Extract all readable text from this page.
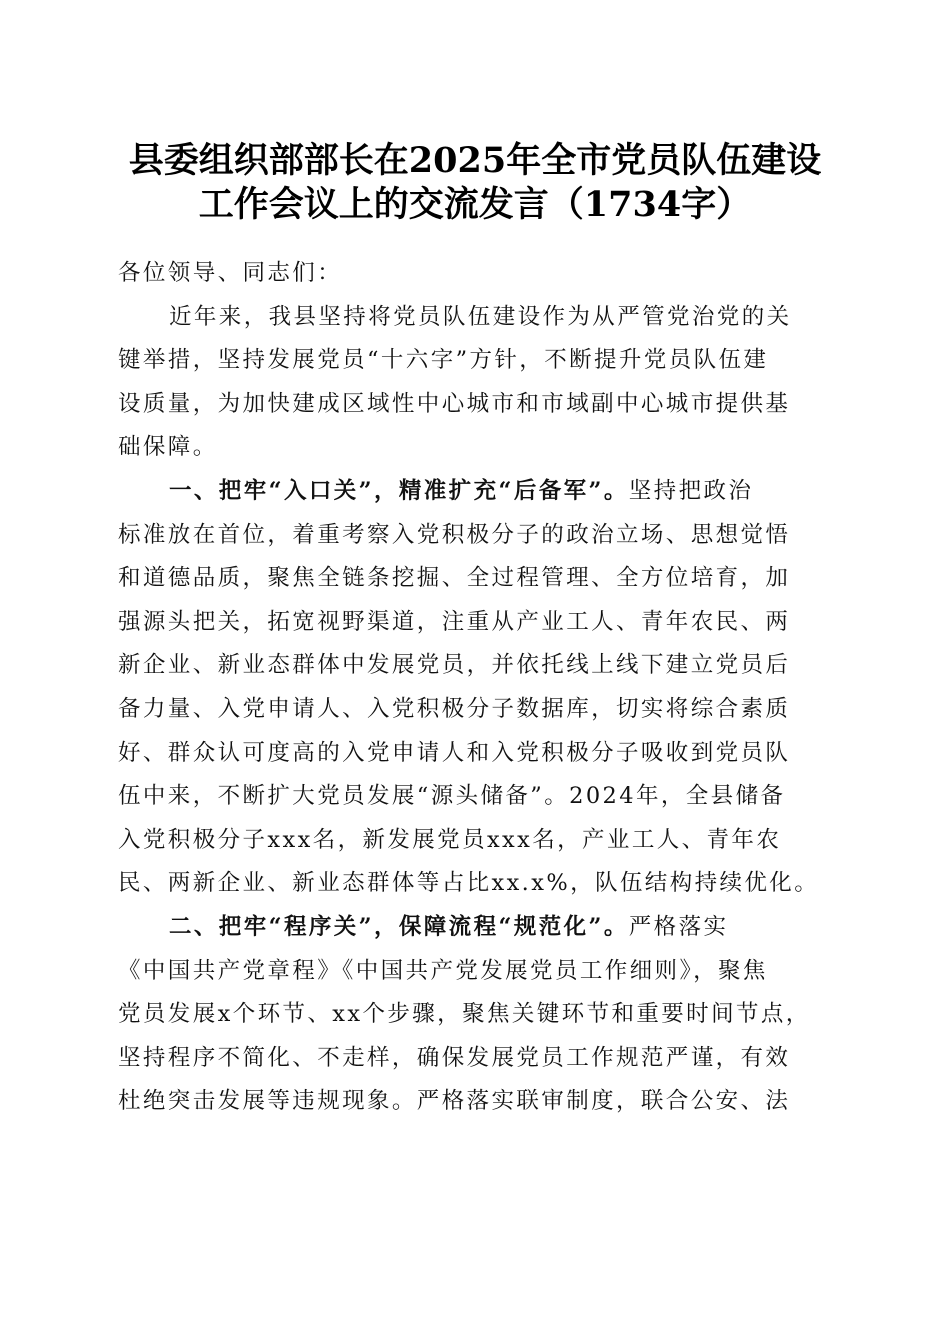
县委组织部部长在2025年全市党员队伍建设
工作会议上的交流发言（1734字）
各位领导、同志们：
近年来，我县坚持将党员队伍建设作为从严管党治党的关
键举措，坚持发展党员“十六字”方针，不断提升党员队伍建
设质量，为加快建成区域性中心城市和市域副中心城市提供基
础保障。
一、把牢“入口关”，精准扩充“后备军”。坚持把政治
标准放在首位，着重考察入党积极分子的政治立场、思想觉悟
和道德品质，聚焦全链条挖掘、全过程管理、全方位培育，加
强源头把关，拓宽视野渠道，注重从产业工人、青年农民、两
新企业、新业态群体中发展党员，并依托线上线下建立党员后
备力量、入党申请人、入党积极分子数据库，切实将综合素质
好、群众认可度高的入党申请人和入党积极分子吸收到党员队
伍中来，不断扩大党员发展“源头储备”。2024年，全县储备
入党积极分子xxx名，新发展党员xxx名，产业工人、青年农
民、两新企业、新业态群体等占比xx.x%，队伍结构持续优化。
二、把牢“程序关”，保障流程“规范化”。严格落实
《中国共产党章程》《中国共产党发展党员工作细则》，聚焦
党员发展x个环节、xx个步骤，聚焦关键环节和重要时间节点，
坚持程序不简化、不走样，确保发展党员工作规范严谨，有效
杜绝突击发展等违规现象。严格落实联审制度，联合公安、法
